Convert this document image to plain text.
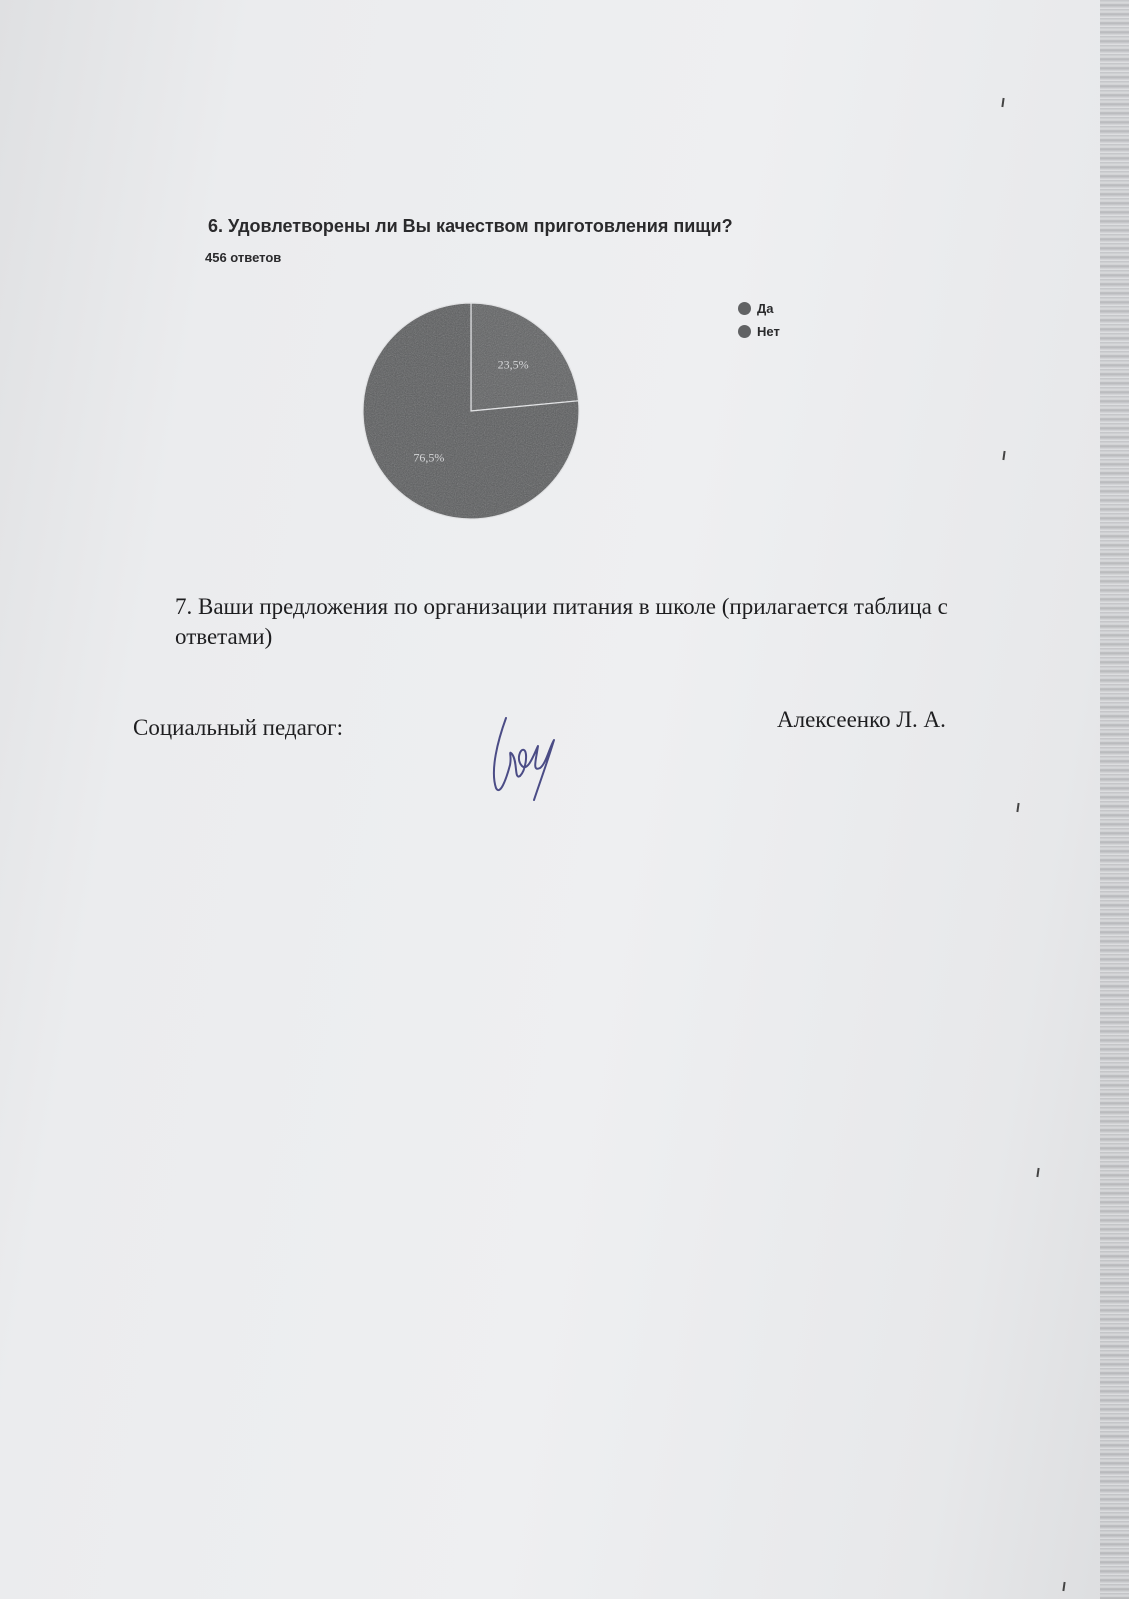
6. Удовлетворены ли Вы качеством приготовления пищи?
456 ответов
23,5%
76,5%
Да
Нет
7. Ваши предложения по организации питания в школе (прилагается таблица с ответами)
Социальный педагог:	Алексеенко Л. А.
